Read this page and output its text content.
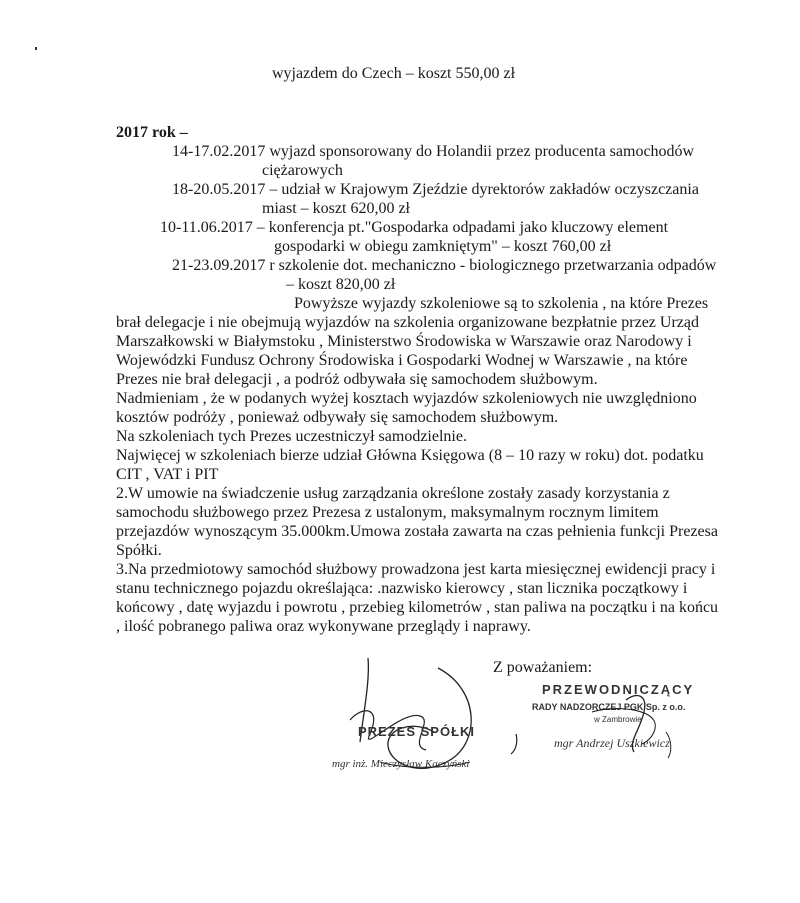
wyjazdem do Czech – koszt 550,00 zł
2017 rok –
14-17.02.2017 wyjazd sponsorowany do Holandii przez producenta samochodów
ciężarowych
18-20.05.2017 – udział w Krajowym Zjeździe dyrektorów zakładów oczyszczania
miast – koszt 620,00 zł
10-11.06.2017 – konferencja pt."Gospodarka odpadami jako kluczowy element
gospodarki w obiegu zamkniętym" – koszt 760,00 zł
21-23.09.2017 r szkolenie dot. mechaniczno - biologicznego przetwarzania odpadów
– koszt 820,00 zł
Powyższe wyjazdy szkoleniowe są to szkolenia , na które Prezes
brał delegacje i nie obejmują wyjazdów na szkolenia organizowane bezpłatnie przez Urząd
Marszałkowski w Białymstoku , Ministerstwo Środowiska w Warszawie oraz Narodowy i
Wojewódzki Fundusz Ochrony Środowiska i Gospodarki Wodnej w Warszawie , na które
Prezes nie brał delegacji , a podróż odbywała się samochodem służbowym.
Nadmieniam , że w podanych wyżej kosztach wyjazdów szkoleniowych nie uwzględniono
kosztów podróży , ponieważ odbywały się samochodem służbowym.
Na szkoleniach tych Prezes uczestniczył samodzielnie.
Najwięcej w szkoleniach bierze udział Główna Księgowa (8 – 10 razy w roku) dot. podatku
CIT , VAT i PIT
2.W umowie na świadczenie usług zarządzania określone zostały zasady korzystania z
samochodu służbowego przez Prezesa z ustalonym, maksymalnym rocznym limitem
przejazdów wynoszącym 35.000km.Umowa została zawarta na czas pełnienia funkcji Prezesa
Spółki.
3.Na przedmiotowy samochód służbowy prowadzona jest karta miesięcznej ewidencji pracy i
stanu technicznego pojazdu określająca: .nazwisko kierowcy , stan licznika początkowy i
końcowy , datę wyjazdu i powrotu , przebieg kilometrów , stan paliwa na początku i na końcu
, ilość pobranego paliwa oraz wykonywane przeglądy i naprawy.
Z poważaniem:
PREZES SPÓŁKI
mgr inż. Mieczysław Kaczyński
PRZEWODNICZĄCY
RADY NADZORCZEJ PGK Sp. z o.o.
w Zambrowie
mgr Andrzej Uszkiewicz
